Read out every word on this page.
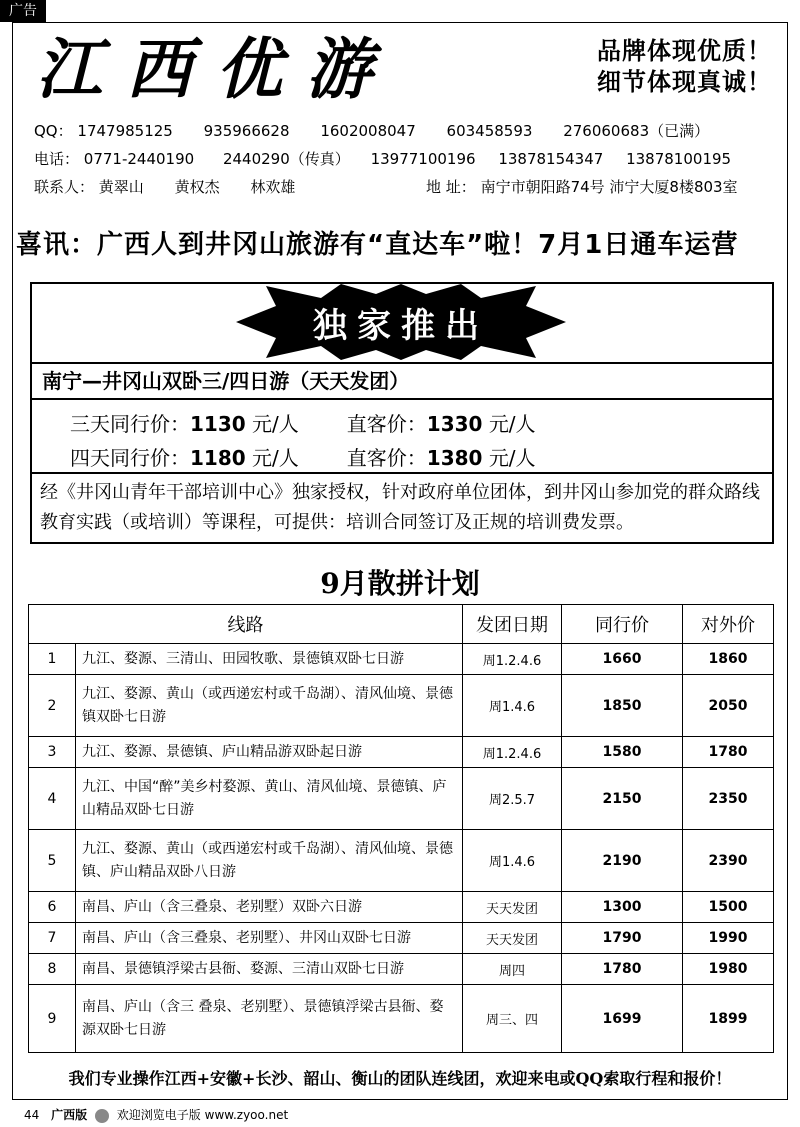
广告
江西优游	品牌体现优质！
细节体现真诚！
QQ： 1747985125 935966628 1602008047 603458593 276060683（已满）
电话： 0771-2440190 2440290（传真） 13977100196 13878154347 13878100195
联系人： 黄翠山 黄权杰 林欢雄	地 址： 南宁市朝阳路74号 沛宁大厦8楼803室
喜讯：广西人到井冈山旅游有“直达车”啦！7月1日通车运营
独家推出
南宁—井冈山双卧三/四日游（天天发团）
三天同行价：1130 元/人 直客价：1330 元/人
四天同行价：1180 元/人 直客价：1380 元/人
经《井冈山青年干部培训中心》独家授权，针对政府单位团体，到井冈山参加党的群众路线教育实践（或培训）等课程，可提供：培训合同签订及正规的培训费发票。
9月散拼计划
线路		发团日期	同行价	对外价
1	九江、婺源、三清山、田园牧歌、景德镇双卧七日游	周1.2.4.6	1660	1860
2	九江、婺源、黄山（或西递宏村或千岛湖）、清风仙境、景德镇双卧七日游	周1.4.6	1850	2050
3	九江、婺源、景德镇、庐山精品游双卧起日游	周1.2.4.6	1580	1780
4	九江、中国“醉”美乡村婺源、黄山、清风仙境、景德镇、庐山精品双卧七日游	周2.5.7	2150	2350
5	九江、婺源、黄山（或西递宏村或千岛湖）、清风仙境、景德镇、庐山精品双卧八日游	周1.4.6	2190	2390
6	南昌、庐山（含三叠泉、老别墅）双卧六日游	天天发团	1300	1500
7	南昌、庐山（含三叠泉、老别墅）、井冈山双卧七日游	天天发团	1790	1990
8	南昌、景德镇浮梁古县衙、婺源、三清山双卧七日游	周四	1780	1980
9	南昌、庐山（含三 叠泉、老别墅）、景德镇浮梁古县衙、婺源双卧七日游	周三、四	1699	1899
我们专业操作江西+安徽+长沙、韶山、衡山的团队连线团，欢迎来电或QQ索取行程和报价！
44 广西版 欢迎浏览电子版 www.zyoo.net
